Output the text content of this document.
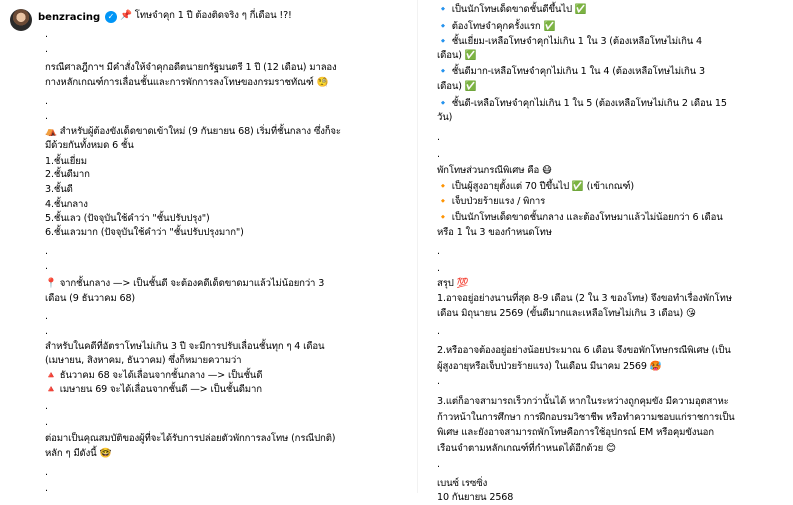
benzracing ✓ 📌 โทษจำคุก 1 ปี ต้องติดจริง ๆ กี่เดือน !?!
.
.
กรณีศาลฎีกาฯ มีคำสั่งให้จำคุกอดีตนายกรัฐมนตรี 1 ปี (12 เดือน) มาลอง
กางหลักเกณฑ์การเลื่อนชั้นและการพักการลงโทษของกรมราชทัณฑ์ 🧐
.
.
⛺ สำหรับผู้ต้องขังเด็ดขาดเข้าใหม่ (9 กันยายน 68) เริ่มที่ชั้นกลาง ซึ่งก็จะ
มีด้วยกันทั้งหมด 6 ชั้น
1.ชั้นเยี่ยม
2.ชั้นดีมาก
3.ชั้นดี
4.ชั้นกลาง
5.ชั้นเลว (ปัจจุบันใช้คำว่า "ชั้นปรับปรุง")
6.ชั้นเลวมาก (ปัจจุบันใช้คำว่า "ชั้นปรับปรุงมาก")
.
.
📍 จากชั้นกลาง —> เป็นชั้นดี จะต้องคดีเด็ดขาดมาแล้วไม่น้อยกว่า 3
เดือน (9 ธันวาคม 68)
.
.
สำหรับในคดีที่อัตราโทษไม่เกิน 3 ปี จะมีการปรับเลื่อนชั้นทุก ๆ 4 เดือน
(เมษายน, สิงหาคม, ธันวาคม) ซึ่งก็หมายความว่า
🔺 ธันวาคม 68 จะได้เลื่อนจากชั้นกลาง —> เป็นชั้นดี
🔺 เมษายน 69 จะได้เลื่อนจากชั้นดี —> เป็นชั้นดีมาก
.
.
ต่อมาเป็นคุณสมบัติของผู้ที่จะได้รับการปล่อยตัวพักการลงโทษ (กรณีปกติ)
หลัก ๆ มีดังนี้ 🤓
.
.
🔹 เป็นนักโทษเด็ดขาดชั้นดีขึ้นไป ✅
🔹 ต้องโทษจำคุกครั้งแรก ✅
🔹 ชั้นเยี่ยม-เหลือโทษจำคุกไม่เกิน 1 ใน 3 (ต้องเหลือโทษไม่เกิน 4
เดือน) ✅
🔹 ชั้นดีมาก-เหลือโทษจำคุกไม่เกิน 1 ใน 4 (ต้องเหลือโทษไม่เกิน 3
เดือน) ✅
🔹 ชั้นดี-เหลือโทษจำคุกไม่เกิน 1 ใน 5 (ต้องเหลือโทษไม่เกิน 2 เดือน 15
วัน)
.
.
พักโทษส่วนกรณีพิเศษ คือ 😷
🔸 เป็นผู้สูงอายุตั้งแต่ 70 ปีขึ้นไป ✅ (เข้าเกณฑ์)
🔸 เจ็บป่วยร้ายแรง / พิการ
🔸 เป็นนักโทษเด็ดขาดชั้นกลาง และต้องโทษมาแล้วไม่น้อยกว่า 6 เดือน
หรือ 1 ใน 3 ของกำหนดโทษ
.
.
สรุป 💯
1.อาจอยู่อย่างนานที่สุด 8-9 เดือน (2 ใน 3 ของโทษ) จึงขอทำเรื่องพักโทษ
เดือน มิถุนายน 2569 (ขั้นดีมากและเหลือโทษไม่เกิน 3 เดือน) 😘
.
2.หรืออาจต้องอยู่อย่างน้อยประมาณ 6 เดือน จึงขอพักโทษกรณีพิเศษ (เป็น
ผู้สูงอายุหรือเจ็บป่วยร้ายแรง) ในเดือน มีนาคม 2569 🥵
.
3.แต่ก็อาจสามารถเร็วกว่านั้นได้ หากในระหว่างถูกคุมขัง มีความอุตสาหะ
ก้าวหน้าในการศึกษา การฝึกอบรมวิชาชีพ หรือทำความชอบแก่ราชการเป็น
พิเศษ และยังอาจสามารถพักโทษคือการใช้อุปกรณ์ EM หรือคุมขังนอก
เรือนจำตามหลักเกณฑ์ที่กำหนดได้อีกด้วย 😊
.
เบนซ์ เรซซิ่ง
10 กันยายน 2568
